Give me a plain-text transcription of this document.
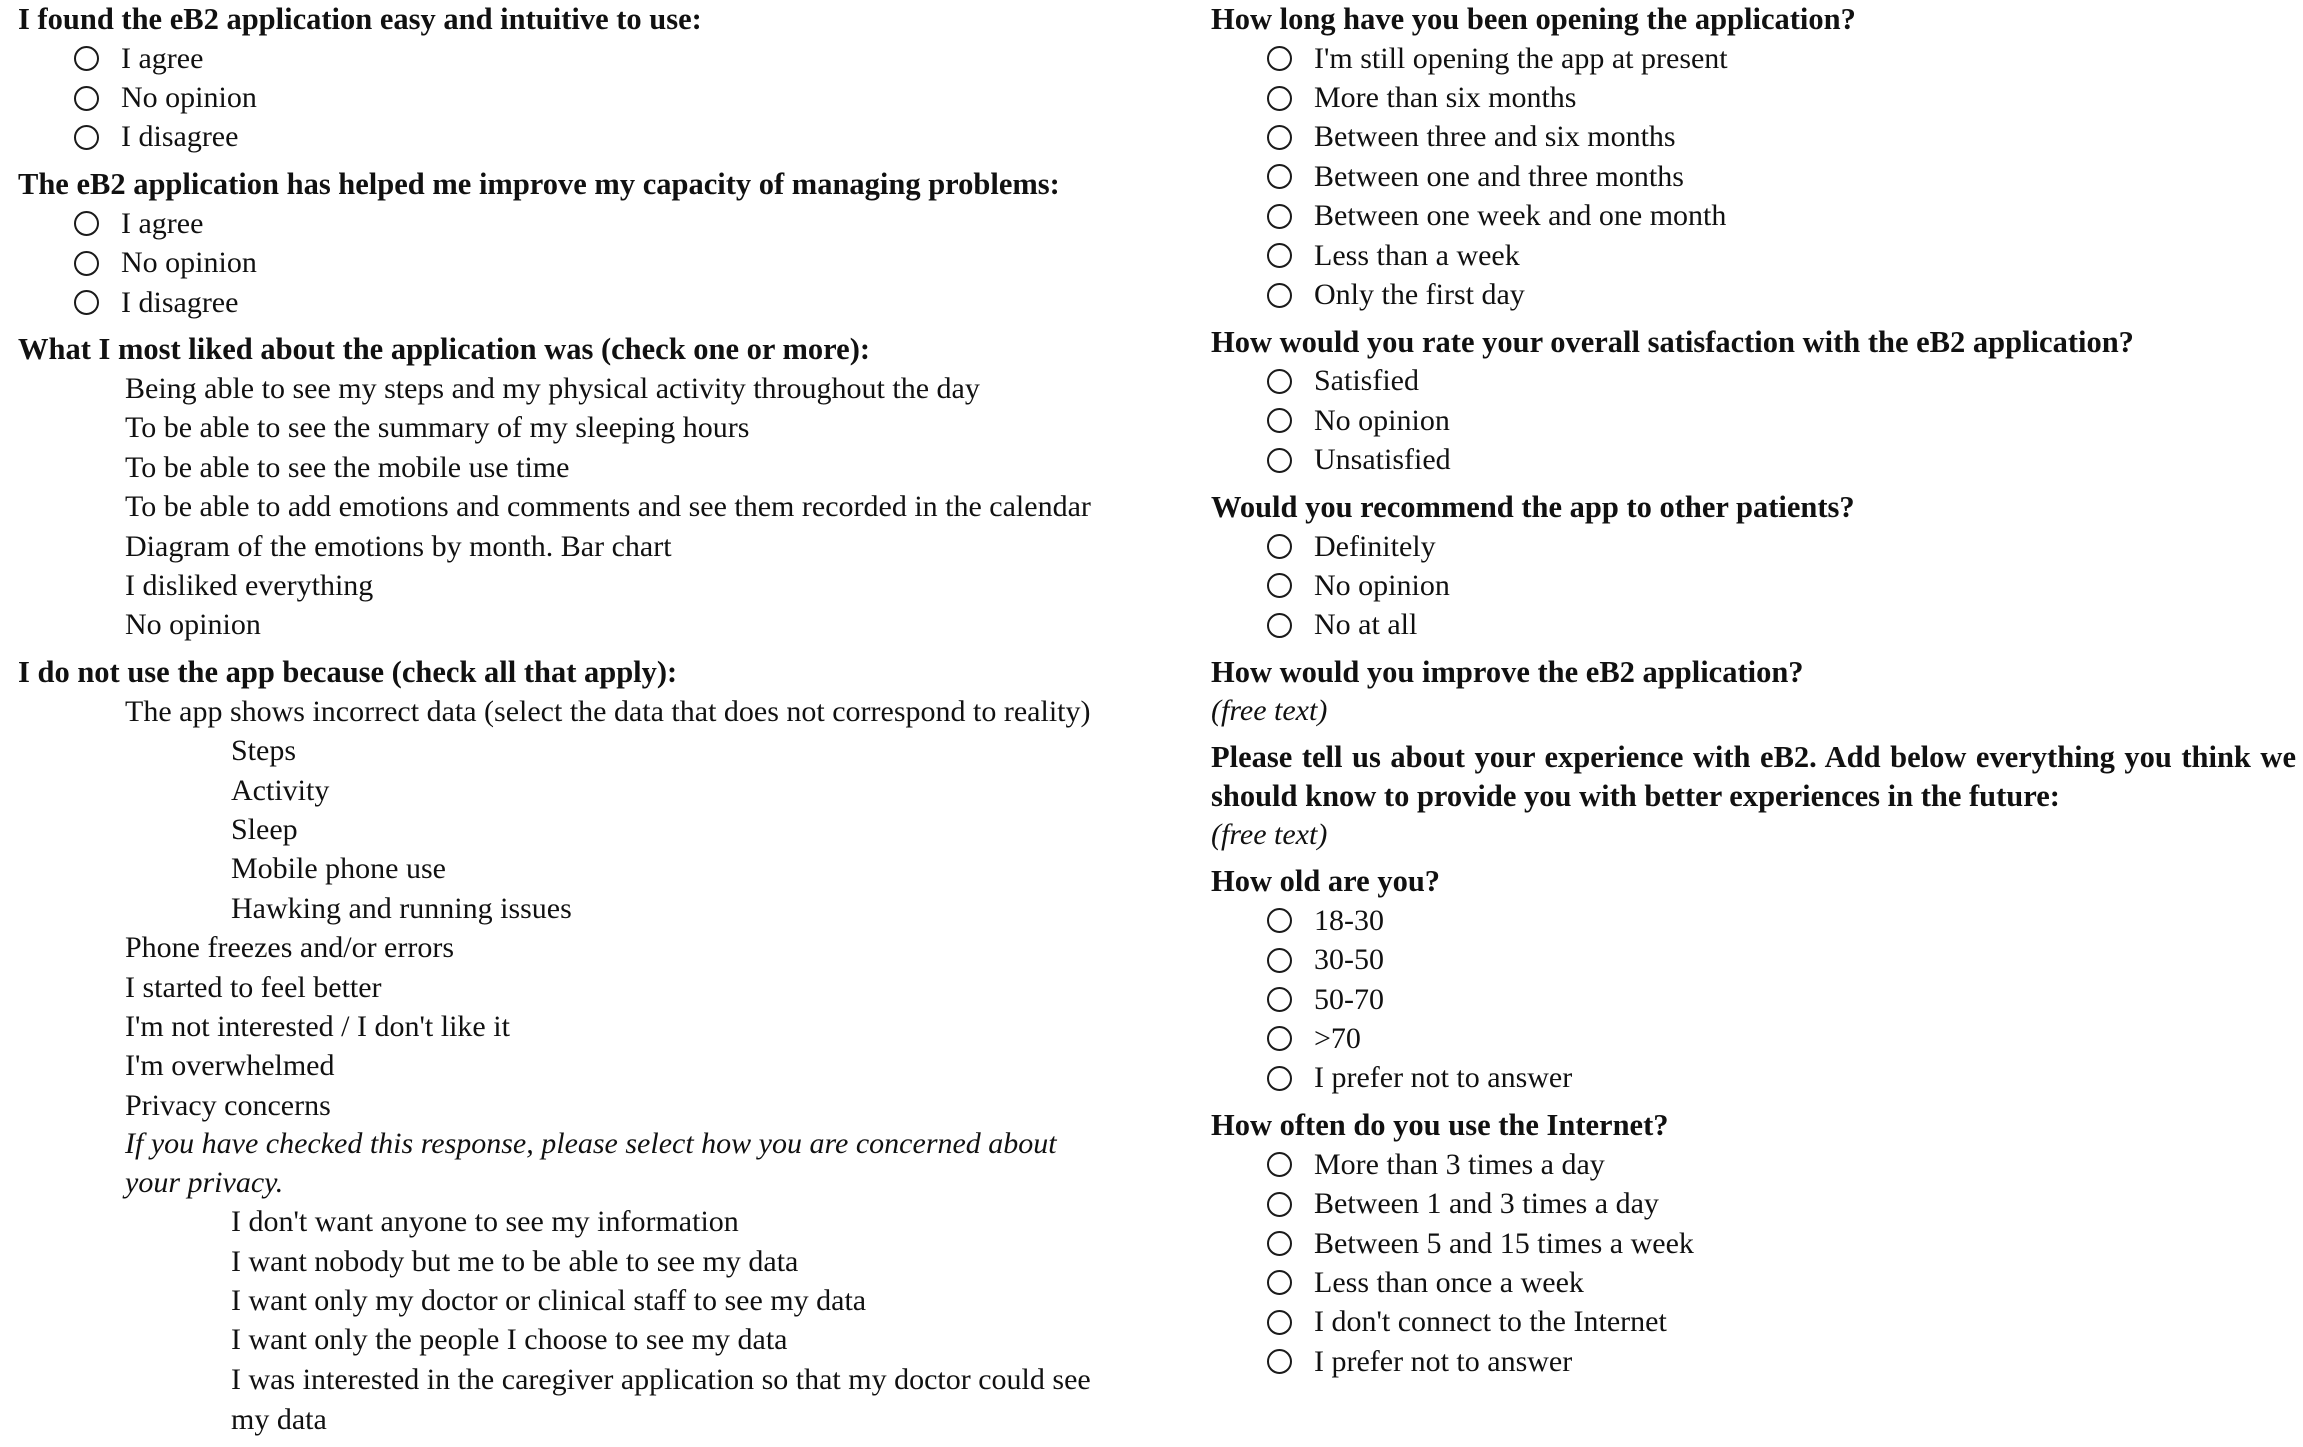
I found the eB2 application easy and intuitive to use:

I agree
No opinion
I disagree

The eB2 application has helped me improve my capacity of managing problems:

I agree
No opinion
I disagree

What I most liked about the application was (check one or more):

Being able to see my steps and my physical activity throughout the day
To be able to see the summary of my sleeping hours
To be able to see the mobile use time
To be able to add emotions and comments and see them recorded in the calendar
Diagram of the emotions by month. Bar chart
I disliked everything
No opinion

I do not use the app because (check all that apply):

The app shows incorrect data (select the data that does not correspond to reality)
Steps
Activity
Sleep
Mobile phone use
Hawking and running issues
Phone freezes and/or errors
I started to feel better
I'm not interested / I don't like it
I'm overwhelmed
Privacy concerns
If you have checked this response, please select how you are concerned about your privacy.
I don't want anyone to see my information
I want nobody but me to be able to see my data
I want only my doctor or clinical staff to see my data
I want only the people I choose to see my data
I was interested in the caregiver application so that my doctor could see my data

How long have you been opening the application?

I'm still opening the app at present
More than six months
Between three and six months
Between one and three months
Between one week and one month
Less than a week
Only the first day

How would you rate your overall satisfaction with the eB2 application?

Satisfied
No opinion
Unsatisfied

Would you recommend the app to other patients?

Definitely
No opinion
No at all

How would you improve the eB2 application?

(free text)

Please tell us about your experience with eB2. Add below everything you think we should know to provide you with better experiences in the future:

(free text)

How old are you?

18-30
30-50
50-70
>70
I prefer not to answer

How often do you use the Internet?

More than 3 times a day
Between 1 and 3 times a day
Between 5 and 15 times a week
Less than once a week
I don't connect to the Internet
I prefer not to answer
